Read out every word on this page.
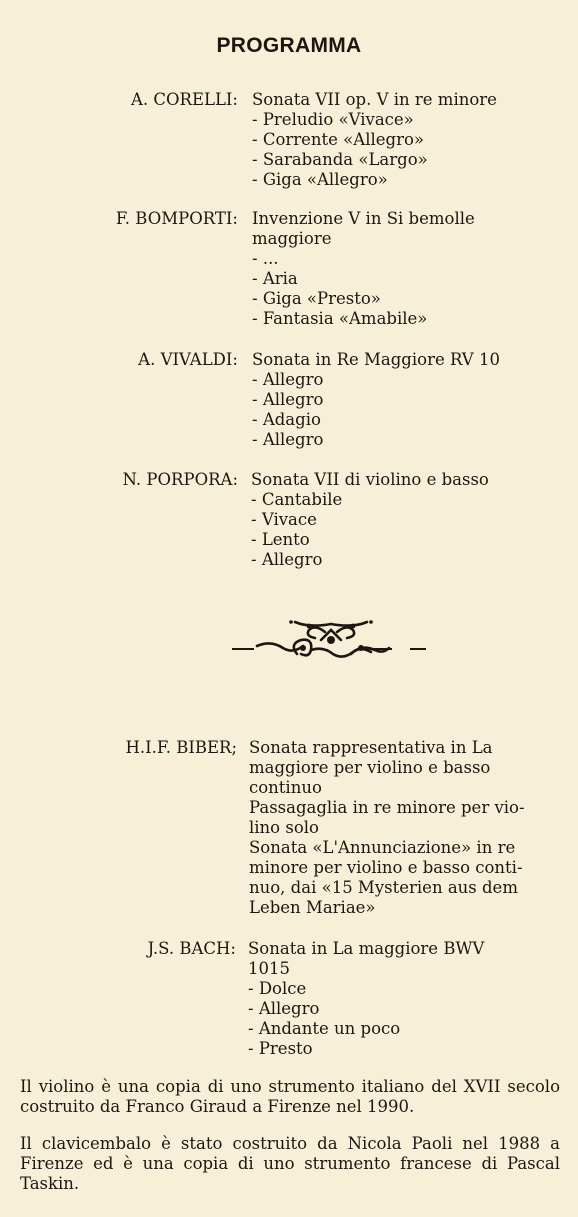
PROGRAMMA
A. CORELLI: Sonata VII op. V in re minore
- Preludio «Vivace»
- Corrente «Allegro»
- Sarabanda «Largo»
- Giga «Allegro»
F. BOMPORTI: Invenzione V in Si bemolle
maggiore
- ...
- Aria
- Giga «Presto»
- Fantasia «Amabile»
A. VIVALDI: Sonata in Re Maggiore RV 10
- Allegro
- Allegro
- Adagio
- Allegro
N. PORPORA: Sonata VII di violino e basso
- Cantabile
- Vivace
- Lento
- Allegro
H.I.F. BIBER; Sonata rappresentativa in La
maggiore per violino e basso
continuo
Passagaglia in re minore per vio-
lino solo
Sonata «L'Annunciazione» in re
minore per violino e basso conti-
nuo, dai «15 Mysterien aus dem
Leben Mariae»
J.S. BACH: Sonata in La maggiore BWV
1015
- Dolce
- Allegro
- Andante un poco
- Presto
Il violino è una copia di uno strumento italiano del XVII secolo costruito da Franco Giraud a Firenze nel 1990.
Il clavicembalo è stato costruito da Nicola Paoli nel 1988 a Firenze ed è una copia di uno strumento francese di Pascal Taskin.
